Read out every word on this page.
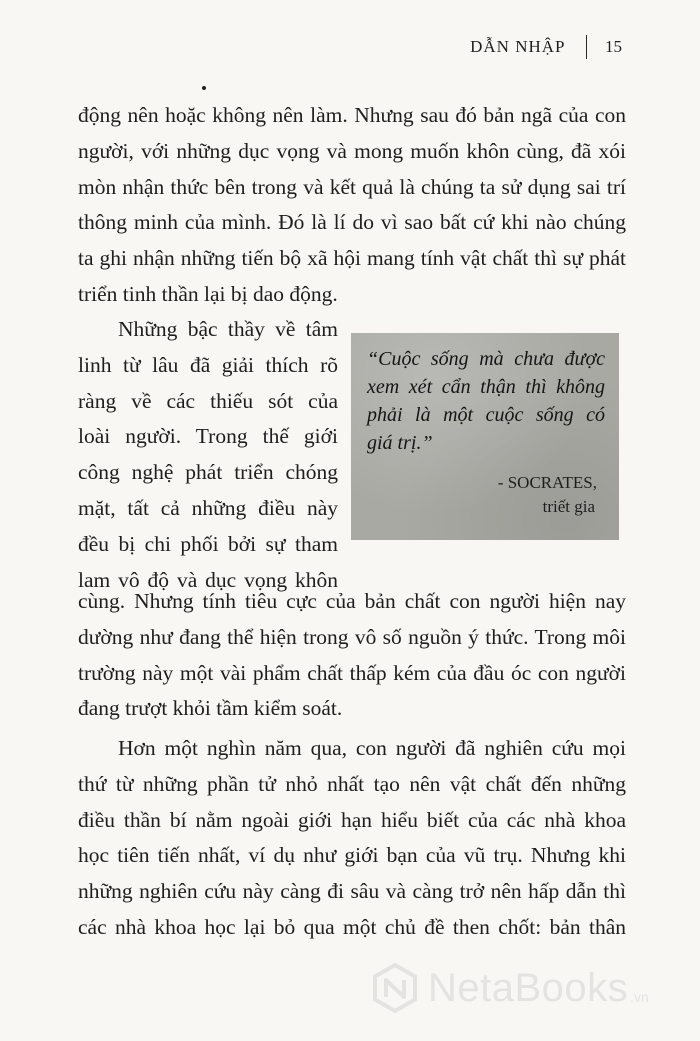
DẪN NHẬP 15
động nên hoặc không nên làm. Nhưng sau đó bản ngã của con
người, với những dục vọng và mong muốn khôn cùng, đã xói
mòn nhận thức bên trong và kết quả là chúng ta sử dụng sai trí
thông minh của mình. Đó là lí do vì sao bất cứ khi nào chúng
ta ghi nhận những tiến bộ xã hội mang tính vật chất thì sự phát
triển tinh thần lại bị dao động.
Những bậc thầy về tâm
linh từ lâu đã giải thích rõ
ràng về các thiếu sót của
loài người. Trong thế giới
công nghệ phát triển chóng
mặt, tất cả những điều này
đều bị chi phối bởi sự tham
lam vô độ và dục vọng khôn
“Cuộc sống mà chưa được
xem xét cẩn thận thì không
phải là một cuộc sống có
giá trị.”
- SOCRATES,
triết gia
cùng. Nhưng tính tiêu cực của bản chất con người hiện nay
dường như đang thể hiện trong vô số nguồn ý thức. Trong môi
trường này một vài phẩm chất thấp kém của đầu óc con người
đang trượt khỏi tầm kiểm soát.
Hơn một nghìn năm qua, con người đã nghiên cứu mọi
thứ từ những phần tử nhỏ nhất tạo nên vật chất đến những
điều thần bí nằm ngoài giới hạn hiểu biết của các nhà khoa
học tiên tiến nhất, ví dụ như giới bạn của vũ trụ. Nhưng khi
những nghiên cứu này càng đi sâu và càng trở nên hấp dẫn thì
các nhà khoa học lại bỏ qua một chủ đề then chốt: bản thân
NetaBooks .vn
